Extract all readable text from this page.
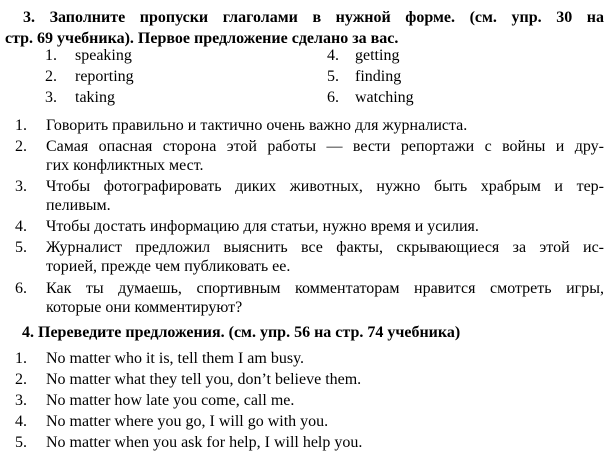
3. Заполните пропуски глаголами в нужной форме. (см. упр. 30 на
стр. 69 учебника). Первое предложение сделано за вас.
1. speaking
2. reporting
3. taking
4. getting
5. finding
6. watching
1. Говорить правильно и тактично очень важно для журналиста.
2. Самая опасная сторона этой работы — вести репортажи с войны и дру-
гих конфликтных мест.
3. Чтобы фотографировать диких животных, нужно быть храбрым и тер-
пеливым.
4. Чтобы достать информацию для статьи, нужно время и усилия.
5. Журналист предложил выяснить все факты, скрывающиеся за этой ис-
торией, прежде чем публиковать ее.
6. Как ты думаешь, спортивным комментаторам нравится смотреть игры,
которые они комментируют?
4. Переведите предложения. (см. упр. 56 на стр. 74 учебника)
1. No matter who it is, tell them I am busy.
2. No matter what they tell you, don’t believe them.
3. No matter how late you come, call me.
4. No matter where you go, I will go with you.
5. No matter when you ask for help, I will help you.
